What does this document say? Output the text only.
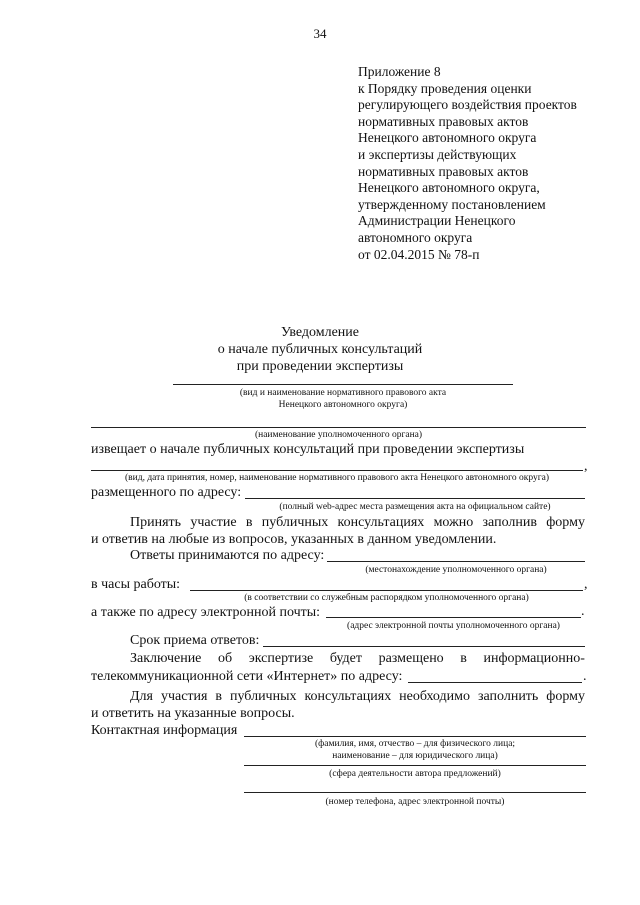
34
Приложение 8
к Порядку проведения оценки
регулирующего воздействия проектов
нормативных правовых актов
Ненецкого автономного округа
и экспертизы действующих
нормативных правовых актов
Ненецкого автономного округа,
утвержденному постановлением
Администрации Ненецкого
автономного округа
от 02.04.2015 № 78-п
Уведомление
о начале публичных консультаций
при проведении экспертизы
(вид и наименование нормативного правового акта
Ненецкого автономного округа)
(наименование уполномоченного органа)
извещает о начале публичных консультаций при проведении экспертизы
,
(вид, дата принятия, номер, наименование нормативного правового акта Ненецкого автономного округа)
размещенного по адресу:
(полный web-адрес места размещения акта на официальном сайте)
Принять участие в публичных консультациях можно заполнив форму
и ответив на любые из вопросов, указанных в данном уведомлении.
Ответы принимаются по адресу:
(местонахождение уполномоченного органа)
в часы работы:	,
(в соответствии со служебным распорядком уполномоченного органа)
а также по адресу электронной почты:	.
(адрес электронной почты уполномоченного органа)
Срок приема ответов:
Заключение об экспертизе будет размещено в информационно-
телекоммуникационной сети «Интернет» по адресу:	.
Для участия в публичных консультациях необходимо заполнить форму
и ответить на указанные вопросы.
Контактная информация
(фамилия, имя, отчество – для физического лица;
наименование – для юридического лица)
(сфера деятельности автора предложений)
(номер телефона, адрес электронной почты)
